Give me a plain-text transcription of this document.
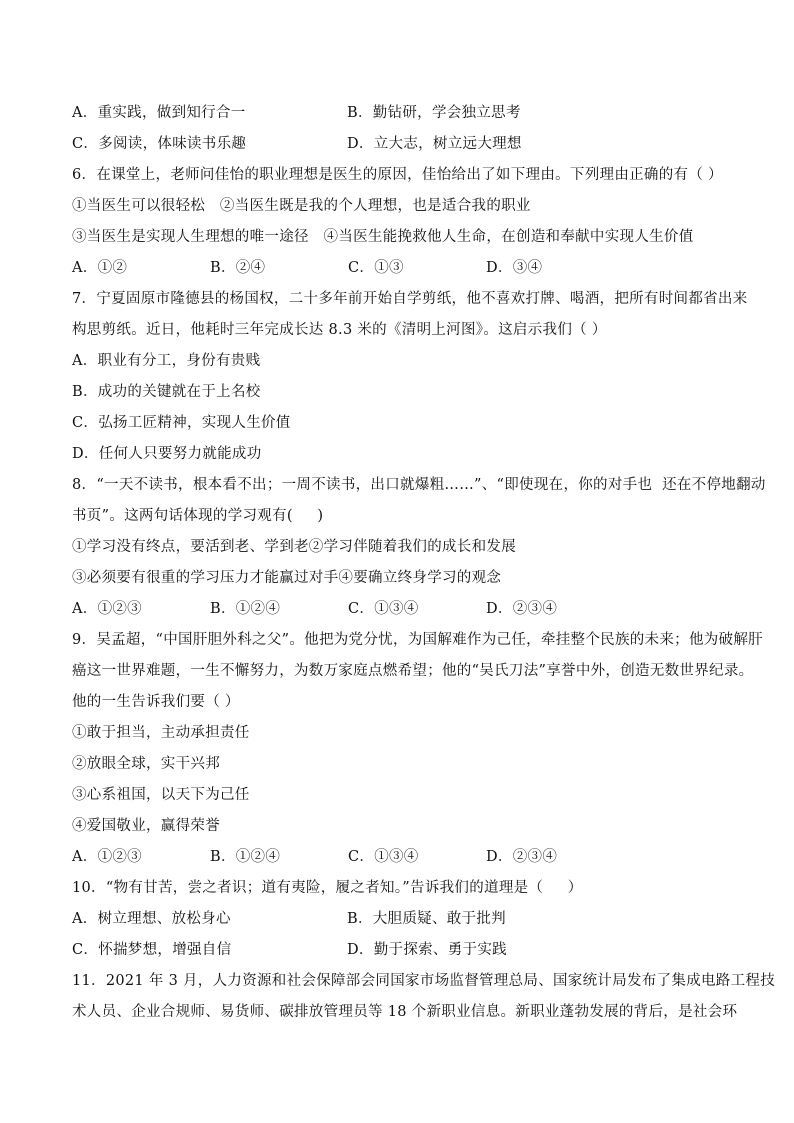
A．重实践，做到知行合一	B．勤钻研，学会独立思考
C．多阅读，体味读书乐趣	D．立大志，树立远大理想
6．在课堂上，老师问佳怡的职业理想是医生的原因，佳怡给出了如下理由。下列理由正确的有（ ）
①当医生可以很轻松   ②当医生既是我的个人理想，也是适合我的职业
③当医生是实现人生理想的唯一途径   ④当医生能挽救他人生命，在创造和奉献中实现人生价值
A．①②	B．②④	C．①③	D．③④
7．宁夏固原市隆德县的杨国权，二十多年前开始自学剪纸，他不喜欢打牌、喝酒，把所有时间都省出来
构思剪纸。近日，他耗时三年完成长达 8.3 米的《清明上河图》。这启示我们（ ）
A．职业有分工，身份有贵贱
B．成功的关键就在于上名校
C．弘扬工匠精神，实现人生价值
D．任何人只要努力就能成功
8．“一天不读书，根本看不出；一周不读书，出口就爆粗……”、“即使现在，你的对手也  还在不停地翻动
书页”。这两句话体现的学习观有(     )
①学习没有终点，要活到老、学到老②学习伴随着我们的成长和发展
③必须要有很重的学习压力才能赢过对手④要确立终身学习的观念
A．①②③	B．①②④	C．①③④	D．②③④
9．吴孟超，“中国肝胆外科之父”。他把为党分忧，为国解难作为己任，牵挂整个民族的未来；他为破解肝
癌这一世界难题，一生不懈努力，为数万家庭点燃希望；他的“吴氏刀法”享誉中外，创造无数世界纪录。
他的一生告诉我们要（ ）
①敢于担当，主动承担责任
②放眼全球，实干兴邦
③心系祖国，以天下为己任
④爱国敬业，赢得荣誉
A．①②③	B．①②④	C．①③④	D．②③④
10．“物有甘苦，尝之者识；道有夷险，履之者知。”告诉我们的道理是（     ）
A．树立理想、放松身心	B．大胆质疑、敢于批判
C．怀揣梦想，增强自信	D．勤于探索、勇于实践
11．2021 年 3 月，人力资源和社会保障部会同国家市场监督管理总局、国家统计局发布了集成电路工程技
术人员、企业合规师、易货师、碳排放管理员等 18 个新职业信息。新职业蓬勃发展的背后，是社会环
